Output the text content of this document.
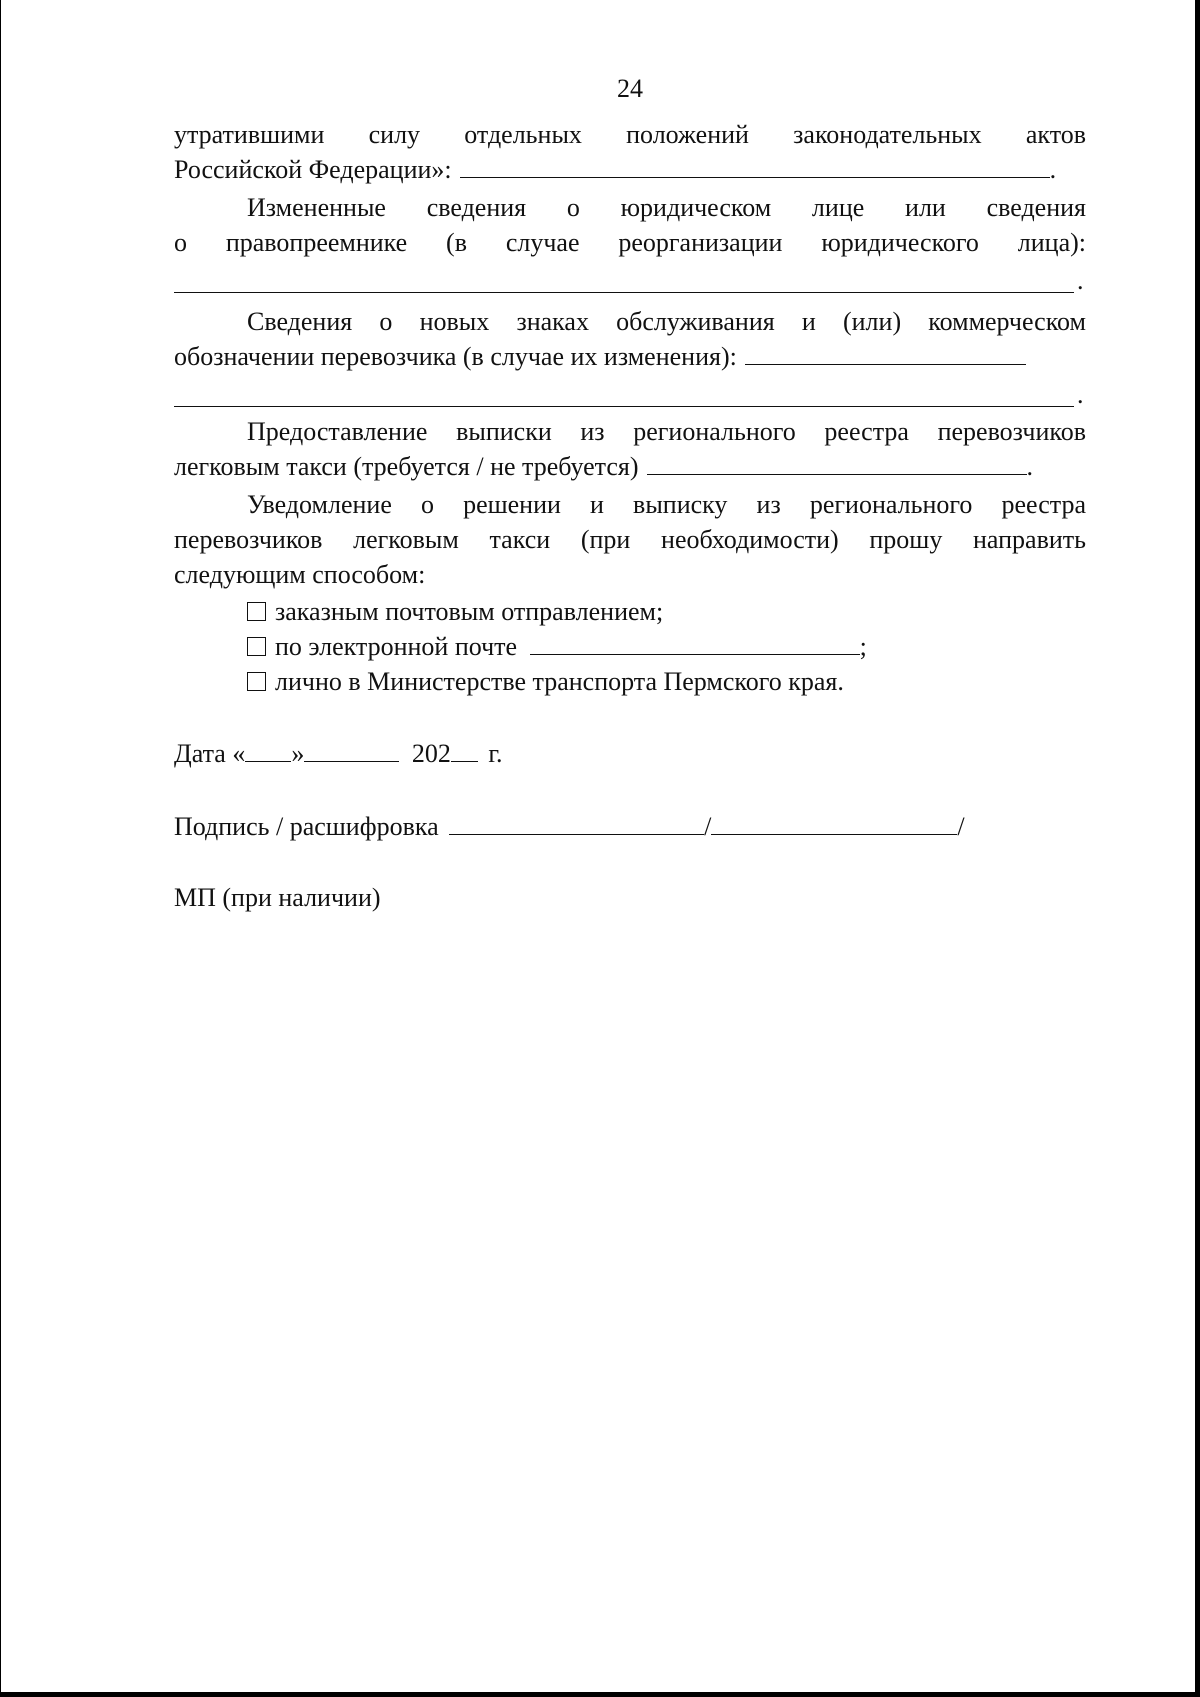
24
утратившими силу отдельных положений законодательных актов
Российской Федерации»:	.
Измененные сведения о юридическом лице или сведения
о правопреемнике (в случае реорганизации юридического лица):
.
Сведения о новых знаках обслуживания и (или) коммерческом
обозначении перевозчика (в случае их изменения):
.
Предоставление выписки из регионального реестра перевозчиков
легковым такси (требуется / не требуется)	.
Уведомление о решении и выписку из регионального реестра
перевозчиков легковым такси (при необходимости) прошу направить
следующим способом:
заказным почтовым отправлением;
по электронной почте	;
лично в Министерстве транспорта Пермского края.
Дата « »	202 г.
Подпись / расшифровка	/	/
МП (при наличии)
